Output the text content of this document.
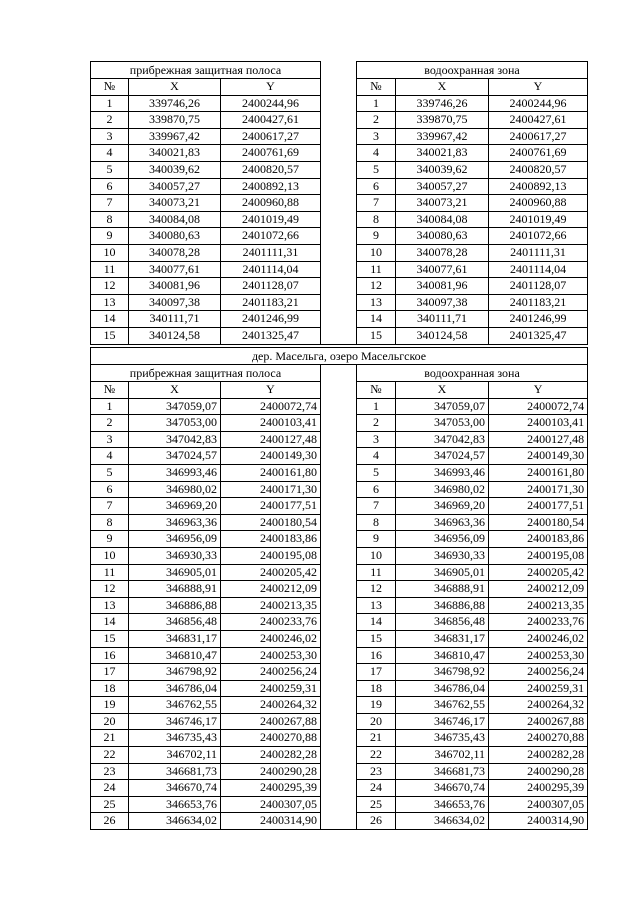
прибрежная защитная полоса				водоохранная зона		
№	X	Y		№	X	Y
1	339746,26	2400244,96		1	339746,26	2400244,96
2	339870,75	2400427,61		2	339870,75	2400427,61
3	339967,42	2400617,27		3	339967,42	2400617,27
4	340021,83	2400761,69		4	340021,83	2400761,69
5	340039,62	2400820,57		5	340039,62	2400820,57
6	340057,27	2400892,13		6	340057,27	2400892,13
7	340073,21	2400960,88		7	340073,21	2400960,88
8	340084,08	2401019,49		8	340084,08	2401019,49
9	340080,63	2401072,66		9	340080,63	2401072,66
10	340078,28	2401111,31		10	340078,28	2401111,31
11	340077,61	2401114,04		11	340077,61	2401114,04
12	340081,96	2401128,07		12	340081,96	2401128,07
13	340097,38	2401183,21		13	340097,38	2401183,21
14	340111,71	2401246,99		14	340111,71	2401246,99
15	340124,58	2401325,47		15	340124,58	2401325,47
дер. Масельга, озеро Масельгское						
прибрежная защитная полоса				водоохранная зона		
№	X	Y		№	X	Y
1	347059,07	2400072,74		1	347059,07	2400072,74
2	347053,00	2400103,41		2	347053,00	2400103,41
3	347042,83	2400127,48		3	347042,83	2400127,48
4	347024,57	2400149,30		4	347024,57	2400149,30
5	346993,46	2400161,80		5	346993,46	2400161,80
6	346980,02	2400171,30		6	346980,02	2400171,30
7	346969,20	2400177,51		7	346969,20	2400177,51
8	346963,36	2400180,54		8	346963,36	2400180,54
9	346956,09	2400183,86		9	346956,09	2400183,86
10	346930,33	2400195,08		10	346930,33	2400195,08
11	346905,01	2400205,42		11	346905,01	2400205,42
12	346888,91	2400212,09		12	346888,91	2400212,09
13	346886,88	2400213,35		13	346886,88	2400213,35
14	346856,48	2400233,76		14	346856,48	2400233,76
15	346831,17	2400246,02		15	346831,17	2400246,02
16	346810,47	2400253,30		16	346810,47	2400253,30
17	346798,92	2400256,24		17	346798,92	2400256,24
18	346786,04	2400259,31		18	346786,04	2400259,31
19	346762,55	2400264,32		19	346762,55	2400264,32
20	346746,17	2400267,88		20	346746,17	2400267,88
21	346735,43	2400270,88		21	346735,43	2400270,88
22	346702,11	2400282,28		22	346702,11	2400282,28
23	346681,73	2400290,28		23	346681,73	2400290,28
24	346670,74	2400295,39		24	346670,74	2400295,39
25	346653,76	2400307,05		25	346653,76	2400307,05
26	346634,02	2400314,90		26	346634,02	2400314,90
